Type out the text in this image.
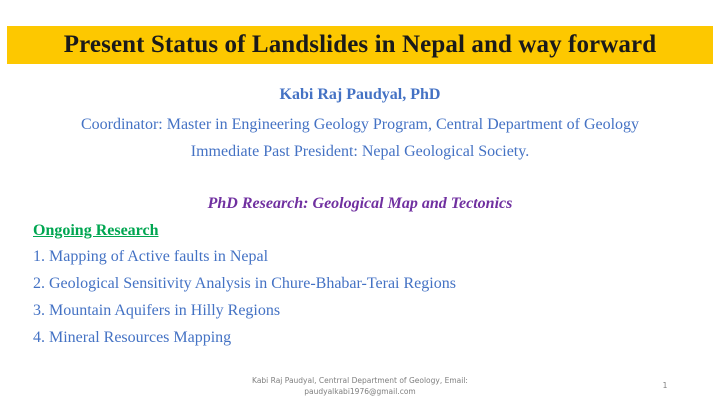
Present Status of Landslides in Nepal and way forward
Kabi Raj Paudyal, PhD
Coordinator: Master in Engineering Geology Program, Central Department of Geology
Immediate Past President: Nepal Geological Society.
PhD Research: Geological Map and Tectonics
Ongoing Research
1. Mapping of Active faults in Nepal
2. Geological Sensitivity Analysis in Chure-Bhabar-Terai Regions
3. Mountain Aquifers in Hilly Regions
4. Mineral Resources Mapping
Kabi Raj Paudyal, Centrral Department of Geology, Email:
paudyalkabi1976@gmail.com
1
